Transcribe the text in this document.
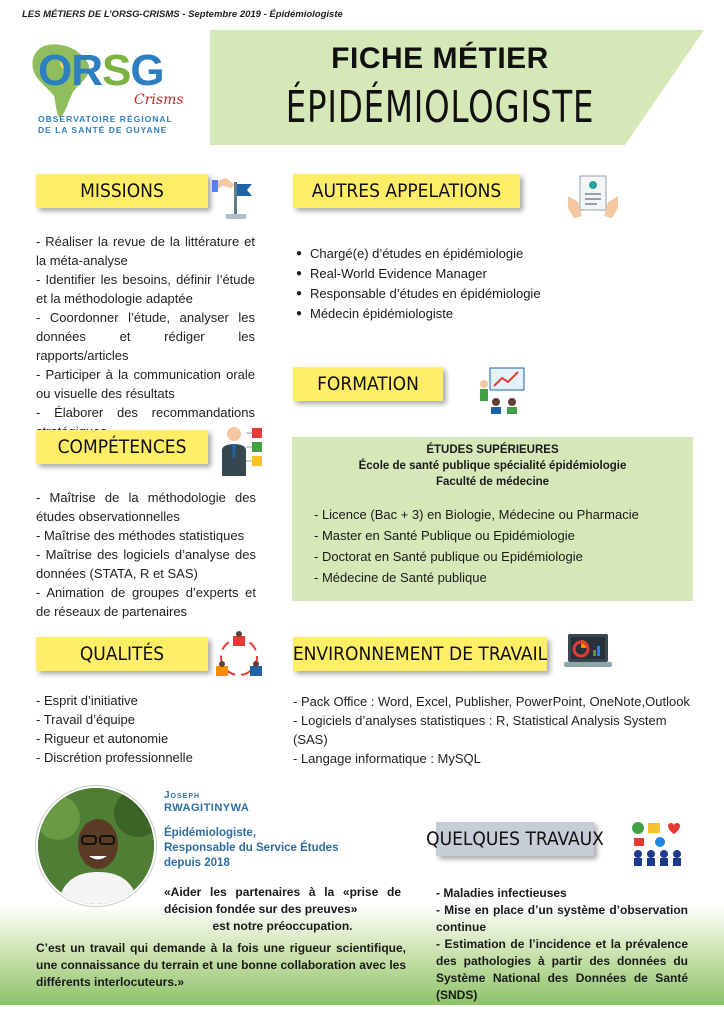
LES MÉTIERS DE L’ORSG-CRISMS - Septembre 2019 - Épidémiologiste
ORSG
Crisms
OBSERVATOIRE RÉGIONAL
DE LA SANTÉ DE GUYANE
FICHE MÉTIER
ÉPIDÉMIOLOGISTE
MISSIONS

- Réaliser la revue de la littérature et la méta-analyse

- Identifier les besoins, définir l’étude et la méthodologie adaptée

- Coordonner l’étude, analyser les données et rédiger les rapports/articles

- Participer à la communication orale ou visuelle des résultats

- Élaborer des recommandations

AUTRES APPELATIONS
● Chargé(e) d’études en épidémiologie
● Real-World Evidence Manager
● Responsable d’études en épidémiologie
● Médecin épidémiologiste
FORMATION
ÉTUDES SUPÉRIEURES
École de santé publique spécialité épidémiologie
Faculté de médecine
- Licence (Bac + 3) en Biologie, Médecine ou Pharmacie
- Master en Santé Publique ou Epidémiologie
- Doctorat en Santé publique ou Epidémiologie
- Médecine de Santé publique
COMPÉTENCES

- Maîtrise de la méthodologie des études observationnelles

- Maîtrise des méthodes statistiques

- Maîtrise des logiciels d’analyse des données (STATA, R et SAS)

- Animation de groupes d’experts et de réseaux de partenaires

QUALITÉS

- Esprit d’initiative

- Travail d’équipe

- Rigueur et autonomie

- Discrétion professionnelle

ENVIRONNEMENT DE TRAVAIL

- Pack Office : Word, Excel, Publisher, PowerPoint, OneNote,Outlook

- Logiciels d’analyses statistiques : R, Statistical Analysis System (SAS)

- Langage informatique : MySQL

Joseph
RWAGITINYWA
Épidémiologiste,
Responsable du Service Études
depuis 2018
«Aider les partenaires à la «prise de décision fondée sur des preuves»
est notre préoccupation.
C’est un travail qui demande à la fois une rigueur scientifique, une connaissance du terrain et une bonne collaboration avec les différents interlocuteurs.»
QUELQUES TRAVAUX

- Maladies infectieuses

- Mise en place d’un système d’observation continue

- Estimation de l’incidence et la prévalence des pathologies à partir des données du Système National des Données de Santé (SNDS)
